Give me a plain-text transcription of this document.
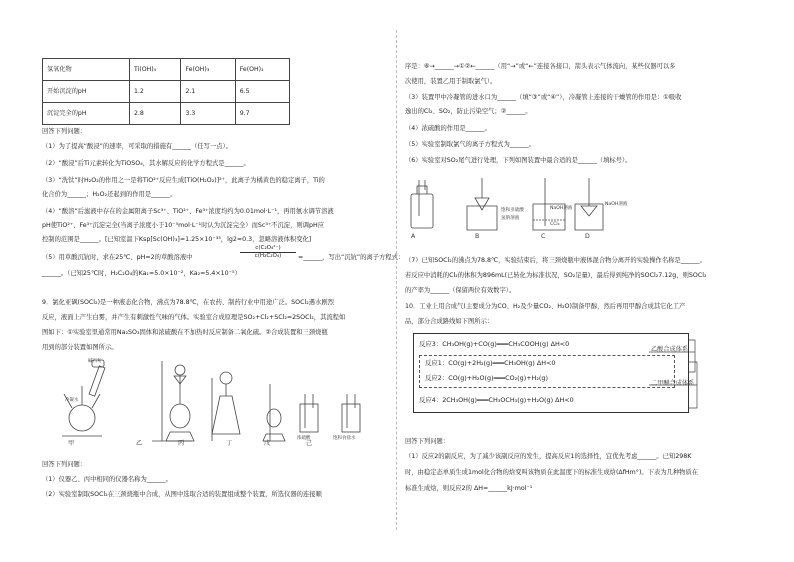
氢氧化物	Ti(OH)₄	Fe(OH)₃	Fe(OH)₂
开始沉淀的pH	1.2	2.1	6.5
沉淀完全的pH	2.8	3.3	9.7
回答下列问题：
（1）为了提高“酸浸”的速率，可采取的措施有______（任写一点）。
（2）“酸浸”后Ti元素转化为TiOSO₄，其水解反应的化学方程式是______。
（3）“洗钛”时H₂O₂的作用之一是将TiO²⁺反应生成[TiO(H₂O₂)]²⁺，此离子为橘黄色的稳定离子，Ti的
化合价为______；H₂O₂还起到的作用是______。
（4）“酸溶”后滤液中存在的金属阳离子Sc³⁺、TiO²⁺、Fe³⁺浓度均约为0.01mol·L⁻¹，再用氨水调节溶液
pH使TiO²⁺、Fe³⁺沉淀完全(当离子浓度小于10⁻⁵mol·L⁻¹时认为沉淀完全）而Sc³⁺不沉淀，则调pH应
控制的范围是______。[已知室温下Ksp[Sc(OH)₃]=1.25×10⁻³³，lg2≈0.3，忽略溶液体积变化]
$\frac{\text{c(C₂O₄²⁻)}}{\text{c(H₂C₂O₄)}}$
（5）用草酸沉钪时，求在25℃、pH=2的草酸溶液中	=______，写出“沉钪”的离子方程式：
______。（已知25℃时，H₂C₂O₄的Ka₁=5.0×10⁻²，Ka₂=5.4×10⁻⁵）
9．氯化亚砜(SOCl₂)是一种液态化合物，沸点为78.8℃，在农药、制药行业中用途广泛。SOCl₂遇水剧烈
反应，液面上产生白雾，并产生有刺激性气味的气体。实验室合成原理是SO₂+Cl₂+SCl₂=2SOCl₂，其流程如
图如下：①实验室里通常用Na₂SO₃固体和浓硫酸在不加热时反应制备二氧化硫。②合成装置和三颈烧瓶
用到的部分装置如图所示。
甲	乙	丙	丁	戊	己
碱石灰
冷凝水
浓硫酸	饱和食盐水
回答下列问题：
（1）仪器乙、丙中相同的仪器名称为______。
（2）实验室制取SOCl₂在三颈烧瓶中合成，从图中选取合适的装置组成整个装置，所选仪器的连接顺
序是：⑥→______→①②←______（用“→”或“←”连接各接口，箭头表示气体流向，某些仪器可以多
次使用，装置乙用于制取氯气）。
（3）装置甲中冷凝管的进水口为______（填“③”或“④”），冷凝管上连接的干燥管的作用是：①吸收
逸出的Cl₂、SO₂，防止污染空气；②______。
（4）浓硫酸的作用是______。
（5）实验室制取氯气的离子方程式为______。
（6）实验室对SO₂尾气进行处理，下列如图装置中最合适的是______（填标号）。
A	B	C	D
饱和亚硫酸
氢钠溶液
NaOH溶液
CCl₄
NaOH溶液
（7）已知SOCl₂的沸点为78.8℃，实验结束后，将三颈烧瓶中液体混合物分离开的实验操作名称是______。
若反应中消耗的Cl₂的体积为896mL(已转化为标准状况，SO₂足量)，最后得到纯净的SOCl₂7.12g，则SOCl₂
的产率为______（保留两位有效数字）。
10．工业上用合成气(主要成分为CO、H₂及少量CO₂、H₂O)制备甲醇，然后再用甲醇合成其它化工产
品，部分合成路线如下图所示：
反应3：CH₃OH(g)+CO(g)═══CH₃COOH(g) ΔH<0
反应1：CO(g)+2H₂(g)═══CH₃OH(g) ΔH<0
反应2：CO(g)+H₂O(g)═══CO₂(g)+H₂(g)
反应4：2CH₃OH(g)═══CH₃OCH₃(g)+H₂O(g) ΔH<0
乙酸合成体系
二甲醚合成体系
回答下列问题：
（1）反应2的副反应，为了减少该副反应的发生，提高反应1的选择性，宜优先考虑______。已知298K
时，由稳定态单质生成1mol化合物的焓变叫该物质在此温度下的标准生成焓(ΔfHm°)。下表为几种物质在
标准生成焓，则反应2的 ΔH=______kJ·mol⁻¹
